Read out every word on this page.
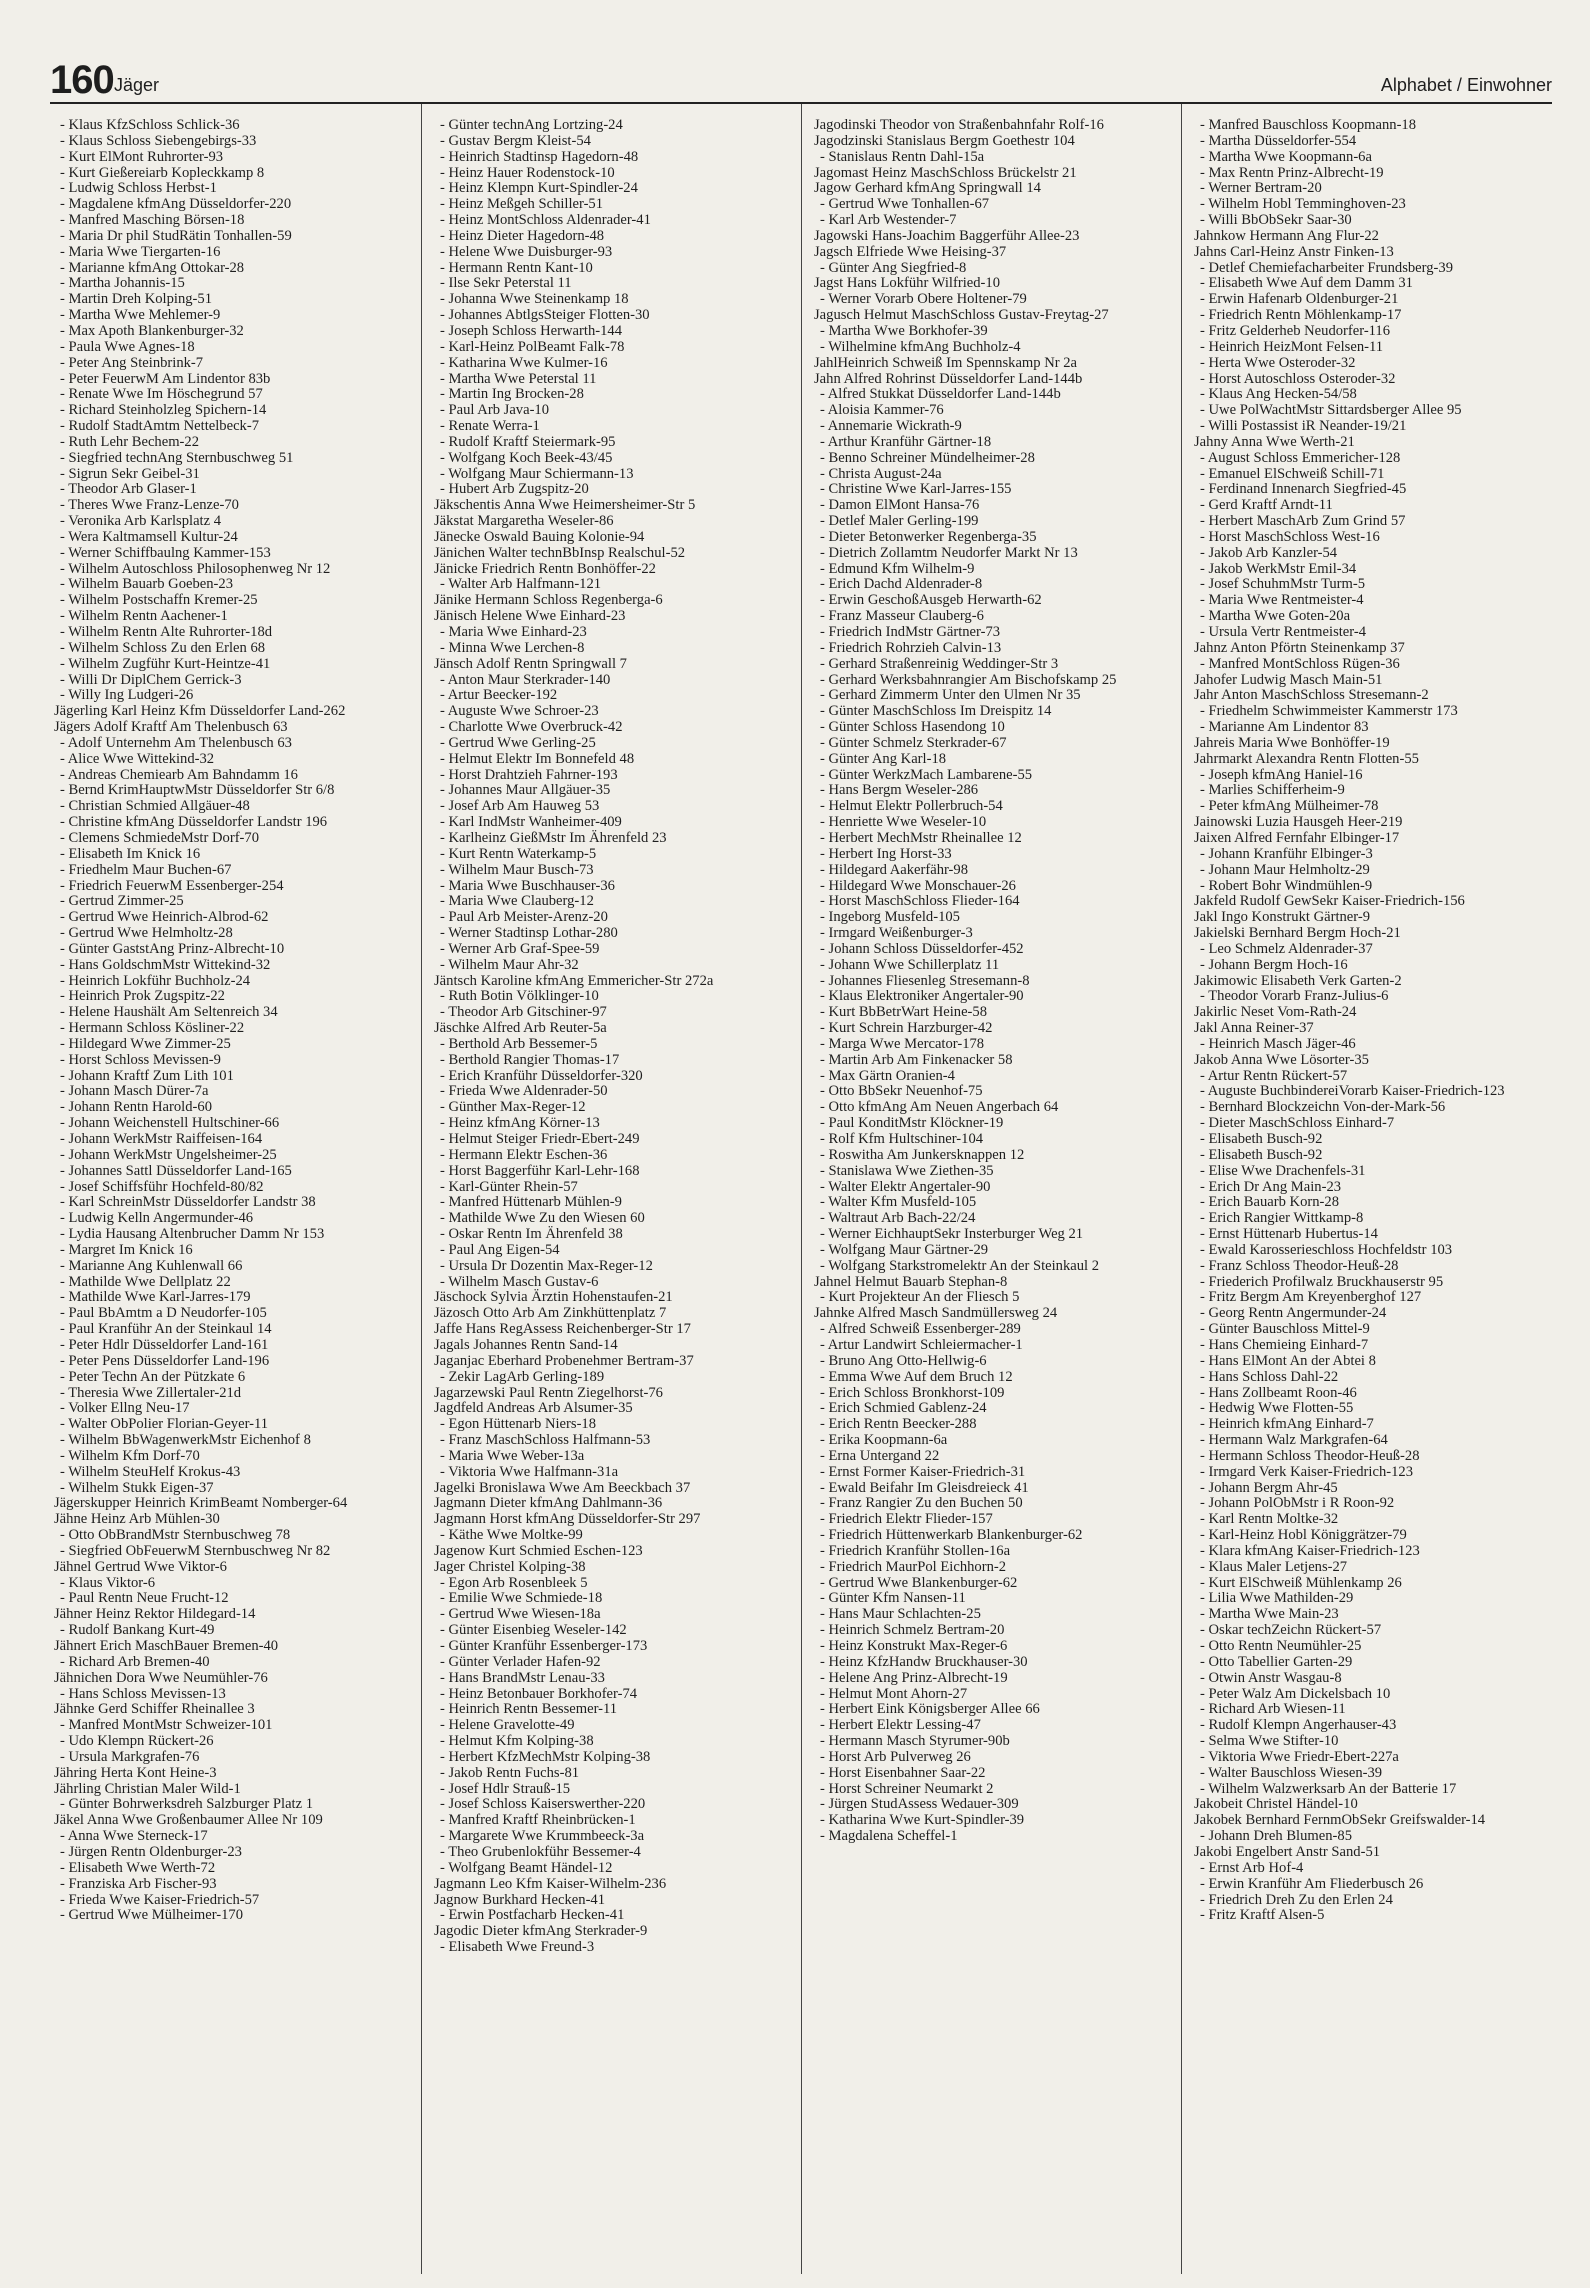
160 Jäger	Alphabet / Einwohner

- Klaus KfzSchloss Schlick-36

- Klaus Schloss Siebengebirgs-33

- Kurt ElMont Ruhrorter-93

- Kurt Gießereiarb Kopleckkamp 8

- Ludwig Schloss Herbst-1

- Magdalene kfmAng Düsseldorfer-220

- Manfred Masching Börsen-18

- Maria Dr phil StudRätin Tonhallen-59

- Maria Wwe Tiergarten-16

- Marianne kfmAng Ottokar-28

- Martha Johannis-15

- Martin Dreh Kolping-51

- Martha Wwe Mehlemer-9

- Max Apoth Blankenburger-32

- Paula Wwe Agnes-18

- Peter Ang Steinbrink-7

- Peter FeuerwM Am Lindentor 83b

- Renate Wwe Im Höschegrund 57

- Richard Steinholzleg Spichern-14

- Rudolf StadtAmtm Nettelbeck-7

- Ruth Lehr Bechem-22

- Siegfried technAng Sternbuschweg 51

- Sigrun Sekr Geibel-31

- Theodor Arb Glaser-1

- Theres Wwe Franz-Lenze-70

- Veronika Arb Karlsplatz 4

- Wera Kaltmamsell Kultur-24

- Werner Schiffbaulng Kammer-153

- Wilhelm Autoschloss Philosophenweg Nr 12

- Wilhelm Bauarb Goeben-23

- Wilhelm Postschaffn Kremer-25

- Wilhelm Rentn Aachener-1

- Wilhelm Rentn Alte Ruhrorter-18d

- Wilhelm Schloss Zu den Erlen 68

- Wilhelm Zugführ Kurt-Heintze-41

- Willi Dr DiplChem Gerrick-3

- Willy Ing Ludgeri-26

Jägerling Karl Heinz Kfm Düsseldorfer Land-262

Jägers Adolf Kraftf Am Thelenbusch 63

- Adolf Unternehm Am Thelenbusch 63

- Alice Wwe Wittekind-32

- Andreas Chemiearb Am Bahndamm 16

- Bernd KrimHauptwMstr Düsseldorfer Str 6/8

- Christian Schmied Allgäuer-48

- Christine kfmAng Düsseldorfer Landstr 196

- Clemens SchmiedeMstr Dorf-70

- Elisabeth Im Knick 16

- Friedhelm Maur Buchen-67

- Friedrich FeuerwM Essenberger-254

- Gertrud Zimmer-25

- Gertrud Wwe Heinrich-Albrod-62

- Gertrud Wwe Helmholtz-28

- Günter GaststAng Prinz-Albrecht-10

- Hans GoldschmMstr Wittekind-32

- Heinrich Lokführ Buchholz-24

- Heinrich Prok Zugspitz-22

- Helene Haushält Am Seltenreich 34

- Hermann Schloss Kösliner-22

- Hildegard Wwe Zimmer-25

- Horst Schloss Mevissen-9

- Johann Kraftf Zum Lith 101

- Johann Masch Dürer-7a

- Johann Rentn Harold-60

- Johann Weichenstell Hultschiner-66

- Johann WerkMstr Raiffeisen-164

- Johann WerkMstr Ungelsheimer-25

- Johannes Sattl Düsseldorfer Land-165

- Josef Schiffsführ Hochfeld-80/82

- Karl SchreinMstr Düsseldorfer Landstr 38

- Ludwig Kelln Angermunder-46

- Lydia Hausang Altenbrucher Damm Nr 153

- Margret Im Knick 16

- Marianne Ang Kuhlenwall 66

- Mathilde Wwe Dellplatz 22

- Mathilde Wwe Karl-Jarres-179

- Paul BbAmtm a D Neudorfer-105

- Paul Kranführ An der Steinkaul 14

- Peter Hdlr Düsseldorfer Land-161

- Peter Pens Düsseldorfer Land-196

- Peter Techn An der Pützkate 6

- Theresia Wwe Zillertaler-21d

- Volker Ellng Neu-17

- Walter ObPolier Florian-Geyer-11

- Wilhelm BbWagenwerkMstr Eichenhof 8

- Wilhelm Kfm Dorf-70

- Wilhelm SteuHelf Krokus-43

- Wilhelm Stukk Eigen-37

Jägerskupper Heinrich KrimBeamt Nomberger-64

Jähne Heinz Arb Mühlen-30

- Otto ObBrandMstr Sternbuschweg 78

- Siegfried ObFeuerwM Sternbuschweg Nr 82

Jähnel Gertrud Wwe Viktor-6

- Klaus Viktor-6

- Paul Rentn Neue Frucht-12

Jähner Heinz Rektor Hildegard-14

- Rudolf Bankang Kurt-49

Jähnert Erich MaschBauer Bremen-40

- Richard Arb Bremen-40

Jähnichen Dora Wwe Neumühler-76

- Hans Schloss Mevissen-13

Jähnke Gerd Schiffer Rheinallee 3

- Manfred MontMstr Schweizer-101

- Udo Klempn Rückert-26

- Ursula Markgrafen-76

Jähring Herta Kont Heine-3

Jährling Christian Maler Wild-1

- Günter Bohrwerksdreh Salzburger Platz 1

Jäkel Anna Wwe Großenbaumer Allee Nr 109

- Anna Wwe Sterneck-17

- Jürgen Rentn Oldenburger-23

- Elisabeth Wwe Werth-72

- Franziska Arb Fischer-93

- Frieda Wwe Kaiser-Friedrich-57

- Gertrud Wwe Mülheimer-170

- Günter technAng Lortzing-24

- Gustav Bergm Kleist-54

- Heinrich Stadtinsp Hagedorn-48

- Heinz Hauer Rodenstock-10

- Heinz Klempn Kurt-Spindler-24

- Heinz Meßgeh Schiller-51

- Heinz MontSchloss Aldenrader-41

- Heinz Dieter Hagedorn-48

- Helene Wwe Duisburger-93

- Hermann Rentn Kant-10

- Ilse Sekr Peterstal 11

- Johanna Wwe Steinenkamp 18

- Johannes AbtlgsSteiger Flotten-30

- Joseph Schloss Herwarth-144

- Karl-Heinz PolBeamt Falk-78

- Katharina Wwe Kulmer-16

- Martha Wwe Peterstal 11

- Martin Ing Brocken-28

- Paul Arb Java-10

- Renate Werra-1

- Rudolf Kraftf Steiermark-95

- Wolfgang Koch Beek-43/45

- Wolfgang Maur Schiermann-13

- Hubert Arb Zugspitz-20

Jäkschentis Anna Wwe Heimersheimer-Str 5

Jäkstat Margaretha Weseler-86

Jänecke Oswald Bauing Kolonie-94

Jänichen Walter technBbInsp Realschul-52

Jänicke Friedrich Rentn Bonhöffer-22

- Walter Arb Halfmann-121

Jänike Hermann Schloss Regenberga-6

Jänisch Helene Wwe Einhard-23

- Maria Wwe Einhard-23

- Minna Wwe Lerchen-8

Jänsch Adolf Rentn Springwall 7

- Anton Maur Sterkrader-140

- Artur Beecker-192

- Auguste Wwe Schroer-23

- Charlotte Wwe Overbruck-42

- Gertrud Wwe Gerling-25

- Helmut Elektr Im Bonnefeld 48

- Horst Drahtzieh Fahrner-193

- Johannes Maur Allgäuer-35

- Josef Arb Am Hauweg 53

- Karl IndMstr Wanheimer-409

- Karlheinz GießMstr Im Ährenfeld 23

- Kurt Rentn Waterkamp-5

- Wilhelm Maur Busch-73

- Maria Wwe Buschhauser-36

- Maria Wwe Clauberg-12

- Paul Arb Meister-Arenz-20

- Werner Stadtinsp Lothar-280

- Werner Arb Graf-Spee-59

- Wilhelm Maur Ahr-32

Jäntsch Karoline kfmAng Emmericher-Str 272a

- Ruth Botin Völklinger-10

- Theodor Arb Gitschiner-97

Jäschke Alfred Arb Reuter-5a

- Berthold Arb Bessemer-5

- Berthold Rangier Thomas-17

- Erich Kranführ Düsseldorfer-320

- Frieda Wwe Aldenrader-50

- Günther Max-Reger-12

- Heinz kfmAng Körner-13

- Helmut Steiger Friedr-Ebert-249

- Hermann Elektr Eschen-36

- Horst Baggerführ Karl-Lehr-168

- Karl-Günter Rhein-57

- Manfred Hüttenarb Mühlen-9

- Mathilde Wwe Zu den Wiesen 60

- Oskar Rentn Im Ährenfeld 38

- Paul Ang Eigen-54

- Ursula Dr Dozentin Max-Reger-12

- Wilhelm Masch Gustav-6

Jäschock Sylvia Ärztin Hohenstaufen-21

Jäzosch Otto Arb Am Zinkhüttenplatz 7

Jaffe Hans RegAssess Reichenberger-Str 17

Jagals Johannes Rentn Sand-14

Jaganjac Eberhard Probenehmer Bertram-37

- Zekir LagArb Gerling-189

Jagarzewski Paul Rentn Ziegelhorst-76

Jagdfeld Andreas Arb Alsumer-35

- Egon Hüttenarb Niers-18

- Franz MaschSchloss Halfmann-53

- Maria Wwe Weber-13a

- Viktoria Wwe Halfmann-31a

Jagelki Bronislawa Wwe Am Beeckbach 37

Jagmann Dieter kfmAng Dahlmann-36

Jagmann Horst kfmAng Düsseldorfer-Str 297

- Käthe Wwe Moltke-99

Jagenow Kurt Schmied Eschen-123

Jager Christel Kolping-38

- Egon Arb Rosenbleek 5

- Emilie Wwe Schmiede-18

- Gertrud Wwe Wiesen-18a

- Günter Eisenbieg Weseler-142

- Günter Kranführ Essenberger-173

- Günter Verlader Hafen-92

- Hans BrandMstr Lenau-33

- Heinz Betonbauer Borkhofer-74

- Heinrich Rentn Bessemer-11

- Helene Gravelotte-49

- Helmut Kfm Kolping-38

- Herbert KfzMechMstr Kolping-38

- Jakob Rentn Fuchs-81

- Josef Hdlr Strauß-15

- Josef Schloss Kaiserswerther-220

- Manfred Kraftf Rheinbrücken-1

- Margarete Wwe Krummbeeck-3a

- Theo Grubenlokführ Bessemer-4

- Wolfgang Beamt Händel-12

Jagmann Leo Kfm Kaiser-Wilhelm-236

Jagnow Burkhard Hecken-41

- Erwin Postfacharb Hecken-41

Jagodic Dieter kfmAng Sterkrader-9

- Elisabeth Wwe Freund-3

Jagodinski Theodor von Straßenbahnfahr Rolf-16

Jagodzinski Stanislaus Bergm Goethestr 104

- Stanislaus Rentn Dahl-15a

Jagomast Heinz MaschSchloss Brückelstr 21

Jagow Gerhard kfmAng Springwall 14

- Gertrud Wwe Tonhallen-67

- Karl Arb Westender-7

Jagowski Hans-Joachim Baggerführ Allee-23

Jagsch Elfriede Wwe Heising-37

- Günter Ang Siegfried-8

Jagst Hans Lokführ Wilfried-10

- Werner Vorarb Obere Holtener-79

Jagusch Helmut MaschSchloss Gustav-Freytag-27

- Martha Wwe Borkhofer-39

- Wilhelmine kfmAng Buchholz-4

JahlHeinrich Schweiß Im Spennskamp Nr 2a

Jahn Alfred Rohrinst Düsseldorfer Land-144b

- Alfred Stukkat Düsseldorfer Land-144b

- Aloisia Kammer-76

- Annemarie Wickrath-9

- Arthur Kranführ Gärtner-18

- Benno Schreiner Mündelheimer-28

- Christa August-24a

- Christine Wwe Karl-Jarres-155

- Damon ElMont Hansa-76

- Detlef Maler Gerling-199

- Dieter Betonwerker Regenberga-35

- Dietrich Zollamtm Neudorfer Markt Nr 13

- Edmund Kfm Wilhelm-9

- Erich Dachd Aldenrader-8

- Erwin GeschoßAusgeb Herwarth-62

- Franz Masseur Clauberg-6

- Friedrich IndMstr Gärtner-73

- Friedrich Rohrzieh Calvin-13

- Gerhard Straßenreinig Weddinger-Str 3

- Gerhard Werksbahnrangier Am Bischofskamp 25

- Gerhard Zimmerm Unter den Ulmen Nr 35

- Günter MaschSchloss Im Dreispitz 14

- Günter Schloss Hasendong 10

- Günter Schmelz Sterkrader-67

- Günter Ang Karl-18

- Günter WerkzMach Lambarene-55

- Hans Bergm Weseler-286

- Helmut Elektr Pollerbruch-54

- Henriette Wwe Weseler-10

- Herbert MechMstr Rheinallee 12

- Herbert Ing Horst-33

- Hildegard Aakerfähr-98

- Hildegard Wwe Monschauer-26

- Horst MaschSchloss Flieder-164

- Ingeborg Musfeld-105

- Irmgard Weißenburger-3

- Johann Schloss Düsseldorfer-452

- Johann Wwe Schillerplatz 11

- Johannes Fliesenleg Stresemann-8

- Klaus Elektroniker Angertaler-90

- Kurt BbBetrWart Heine-58

- Kurt Schrein Harzburger-42

- Marga Wwe Mercator-178

- Martin Arb Am Finkenacker 58

- Max Gärtn Oranien-4

- Otto BbSekr Neuenhof-75

- Otto kfmAng Am Neuen Angerbach 64

- Paul KonditMstr Klöckner-19

- Rolf Kfm Hultschiner-104

- Roswitha Am Junkersknappen 12

- Stanislawa Wwe Ziethen-35

- Walter Elektr Angertaler-90

- Walter Kfm Musfeld-105

- Waltraut Arb Bach-22/24

- Werner EichhauptSekr Insterburger Weg 21

- Wolfgang Maur Gärtner-29

- Wolfgang Starkstromelektr An der Steinkaul 2

Jahnel Helmut Bauarb Stephan-8

- Kurt Projekteur An der Fliesch 5

Jahnke Alfred Masch Sandmüllersweg 24

- Alfred Schweiß Essenberger-289

- Artur Landwirt Schleiermacher-1

- Bruno Ang Otto-Hellwig-6

- Emma Wwe Auf dem Bruch 12

- Erich Schloss Bronkhorst-109

- Erich Schmied Gablenz-24

- Erich Rentn Beecker-288

- Erika Koopmann-6a

- Erna Untergand 22

- Ernst Former Kaiser-Friedrich-31

- Ewald Beifahr Im Gleisdreieck 41

- Franz Rangier Zu den Buchen 50

- Friedrich Elektr Flieder-157

- Friedrich Hüttenwerkarb Blankenburger-62

- Friedrich Kranführ Stollen-16a

- Friedrich MaurPol Eichhorn-2

- Gertrud Wwe Blankenburger-62

- Günter Kfm Nansen-11

- Hans Maur Schlachten-25

- Heinrich Schmelz Bertram-20

- Heinz Konstrukt Max-Reger-6

- Heinz KfzHandw Bruckhauser-30

- Helene Ang Prinz-Albrecht-19

- Helmut Mont Ahorn-27

- Herbert Eink Königsberger Allee 66

- Herbert Elektr Lessing-47

- Hermann Masch Styrumer-90b

- Horst Arb Pulverweg 26

- Horst Eisenbahner Saar-22

- Horst Schreiner Neumarkt 2

- Jürgen StudAssess Wedauer-309

- Katharina Wwe Kurt-Spindler-39

- Magdalena Scheffel-1

- Manfred Bauschloss Koopmann-18

- Martha Düsseldorfer-554

- Martha Wwe Koopmann-6a

- Max Rentn Prinz-Albrecht-19

- Werner Bertram-20

- Wilhelm Hobl Temminghoven-23

- Willi BbObSekr Saar-30

Jahnkow Hermann Ang Flur-22

Jahns Carl-Heinz Anstr Finken-13

- Detlef Chemiefacharbeiter Frundsberg-39

- Elisabeth Wwe Auf dem Damm 31

- Erwin Hafenarb Oldenburger-21

- Friedrich Rentn Möhlenkamp-17

- Fritz Gelderheb Neudorfer-116

- Heinrich HeizMont Felsen-11

- Herta Wwe Osteroder-32

- Horst Autoschloss Osteroder-32

- Klaus Ang Hecken-54/58

- Uwe PolWachtMstr Sittardsberger Allee 95

- Willi Postassist iR Neander-19/21

Jahny Anna Wwe Werth-21

- August Schloss Emmericher-128

- Emanuel ElSchweiß Schill-71

- Ferdinand Innenarch Siegfried-45

- Gerd Kraftf Arndt-11

- Herbert MaschArb Zum Grind 57

- Horst MaschSchloss West-16

- Jakob Arb Kanzler-54

- Jakob WerkMstr Emil-34

- Josef SchuhmMstr Turm-5

- Maria Wwe Rentmeister-4

- Martha Wwe Goten-20a

- Ursula Vertr Rentmeister-4

Jahnz Anton Pförtn Steinenkamp 37

- Manfred MontSchloss Rügen-36

Jahofer Ludwig Masch Main-51

Jahr Anton MaschSchloss Stresemann-2

- Friedhelm Schwimmeister Kammerstr 173

- Marianne Am Lindentor 83

Jahreis Maria Wwe Bonhöffer-19

Jahrmarkt Alexandra Rentn Flotten-55

- Joseph kfmAng Haniel-16

- Marlies Schifferheim-9

- Peter kfmAng Mülheimer-78

Jainowski Luzia Hausgeh Heer-219

Jaixen Alfred Fernfahr Elbinger-17

- Johann Kranführ Elbinger-3

- Johann Maur Helmholtz-29

- Robert Bohr Windmühlen-9

Jakfeld Rudolf GewSekr Kaiser-Friedrich-156

Jakl Ingo Konstrukt Gärtner-9

Jakielski Bernhard Bergm Hoch-21

- Leo Schmelz Aldenrader-37

- Johann Bergm Hoch-16

Jakimowic Elisabeth Verk Garten-2

- Theodor Vorarb Franz-Julius-6

Jakirlic Neset Vom-Rath-24

Jakl Anna Reiner-37

- Heinrich Masch Jäger-46

Jakob Anna Wwe Lösorter-35

- Artur Rentn Rückert-57

- Auguste BuchbindereiVorarb Kaiser-Friedrich-123

- Bernhard Blockzeichn Von-der-Mark-56

- Dieter MaschSchloss Einhard-7

- Elisabeth Busch-92

- Elisabeth Busch-92

- Elise Wwe Drachenfels-31

- Erich Dr Ang Main-23

- Erich Bauarb Korn-28

- Erich Rangier Wittkamp-8

- Ernst Hüttenarb Hubertus-14

- Ewald Karosserieschloss Hochfeldstr 103

- Franz Schloss Theodor-Heuß-28

- Friederich Profilwalz Bruckhauserstr 95

- Fritz Bergm Am Kreyenberghof 127

- Georg Rentn Angermunder-24

- Günter Bauschloss Mittel-9

- Hans Chemieing Einhard-7

- Hans ElMont An der Abtei 8

- Hans Schloss Dahl-22

- Hans Zollbeamt Roon-46

- Hedwig Wwe Flotten-55

- Heinrich kfmAng Einhard-7

- Hermann Walz Markgrafen-64

- Hermann Schloss Theodor-Heuß-28

- Irmgard Verk Kaiser-Friedrich-123

- Johann Bergm Ahr-45

- Johann PolObMstr i R Roon-92

- Karl Rentn Moltke-32

- Karl-Heinz Hobl Königgrätzer-79

- Klara kfmAng Kaiser-Friedrich-123

- Klaus Maler Letjens-27

- Kurt ElSchweiß Mühlenkamp 26

- Lilia Wwe Mathilden-29

- Martha Wwe Main-23

- Oskar techZeichn Rückert-57

- Otto Rentn Neumühler-25

- Otto Tabellier Garten-29

- Otwin Anstr Wasgau-8

- Peter Walz Am Dickelsbach 10

- Richard Arb Wiesen-11

- Rudolf Klempn Angerhauser-43

- Selma Wwe Stifter-10

- Viktoria Wwe Friedr-Ebert-227a

- Walter Bauschloss Wiesen-39

- Wilhelm Walzwerksarb An der Batterie 17

Jakobeit Christel Händel-10

Jakobek Bernhard FernmObSekr Greifswalder-14

- Johann Dreh Blumen-85

Jakobi Engelbert Anstr Sand-51

- Ernst Arb Hof-4

- Erwin Kranführ Am Fliederbusch 26

- Friedrich Dreh Zu den Erlen 24

- Fritz Kraftf Alsen-5
